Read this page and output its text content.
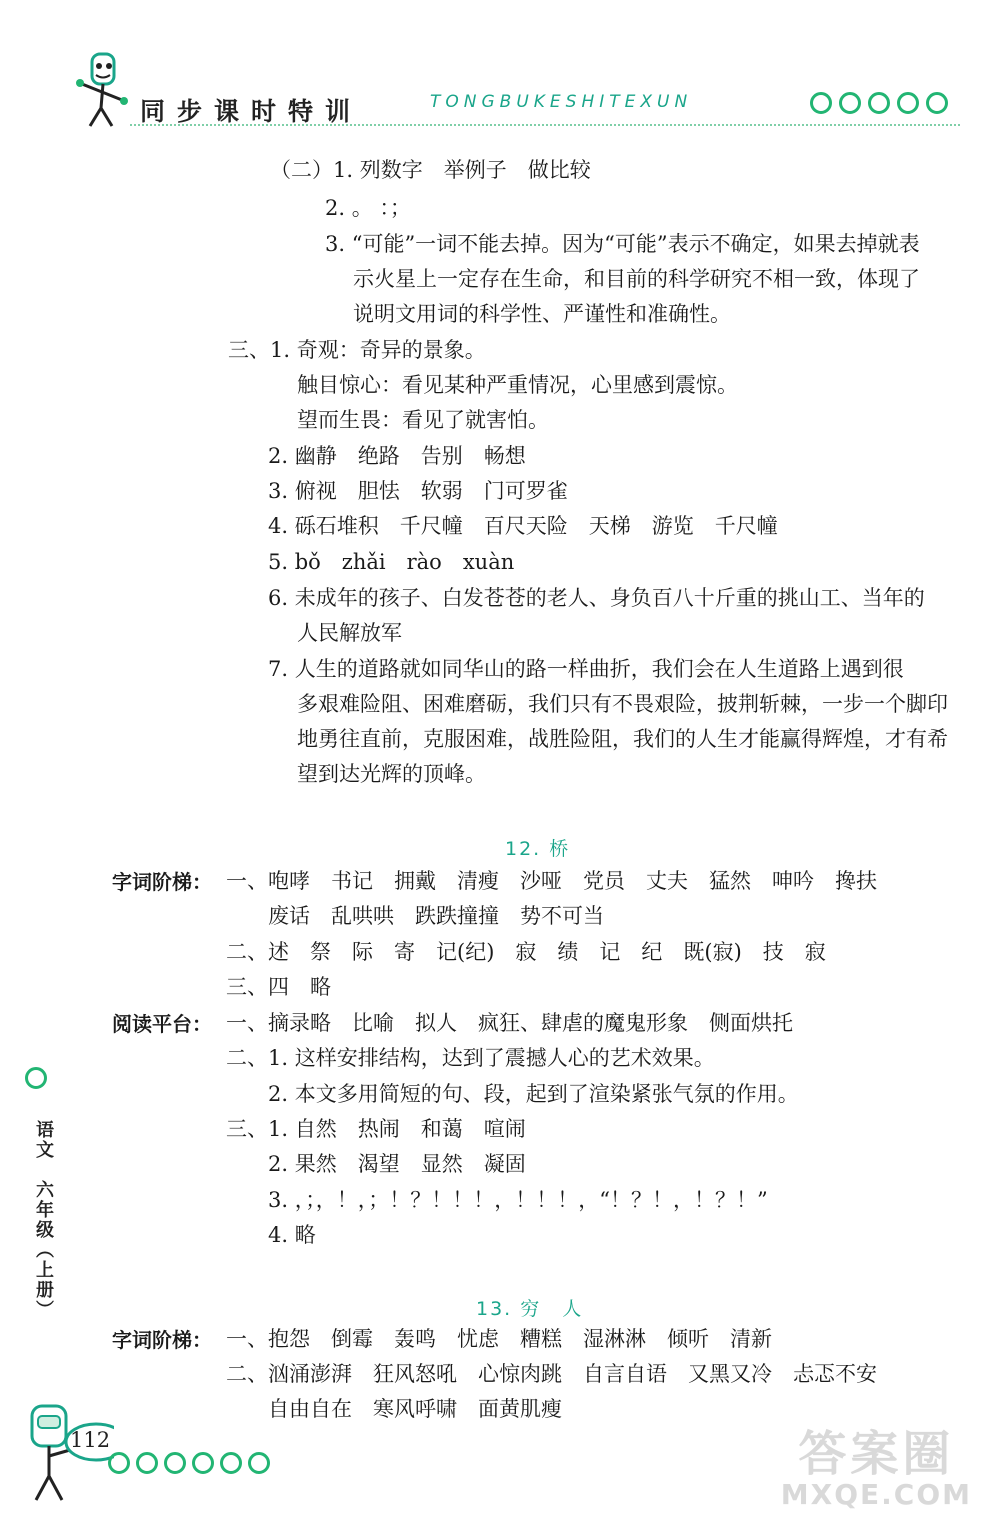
同步课时特训	TONGBUKESHITEXUN
（二）1. 列数字　举例子　做比较
2. 。 ：；
3. “可能”一词不能去掉。因为“可能”表示不确定，如果去掉就表
示火星上一定存在生命，和目前的科学研究不相一致，体现了
说明文用词的科学性、严谨性和准确性。
三、1. 奇观：奇异的景象。
触目惊心：看见某种严重情况，心里感到震惊。
望而生畏：看见了就害怕。
2. 幽静　绝路　告别　畅想
3. 俯视　胆怯　软弱　门可罗雀
4. 砾石堆积　千尺幢　百尺天险　天梯　游览　千尺幢
5. bǒ　zhǎi　rào　xuàn
6. 未成年的孩子、白发苍苍的老人、身负百八十斤重的挑山工、当年的
人民解放军
7. 人生的道路就如同华山的路一样曲折，我们会在人生道路上遇到很
多艰难险阻、困难磨砺，我们只有不畏艰险，披荆斩棘，一步一个脚印
地勇往直前，克服困难，战胜险阻，我们的人生才能赢得辉煌，才有希
望到达光辉的顶峰。
12. 桥
字词阶梯： 一、咆哮　书记　拥戴　清瘦　沙哑　党员　丈夫　猛然　呻吟　搀扶
废话　乱哄哄　跌跌撞撞　势不可当
二、述　祭　际　寄　记(纪)　寂　绩　记　纪　既(寂)　技　寂
三、四　略
阅读平台： 一、摘录略　比喻　拟人　疯狂、肆虐的魔鬼形象　侧面烘托
二、1. 这样安排结构，达到了震撼人心的艺术效果。
2. 本文多用简短的句、段，起到了渲染紧张气氛的作用。
三、1. 自然　热闹　和蔼　喧闹
2. 果然　渴望　显然　凝固
3. ，；，！，；！？！！！，！！！，“！？！，！？！”
4. 略
13. 穷　人
字词阶梯： 一、抱怨　倒霉　轰鸣　忧虑　糟糕　湿淋淋　倾听　清新
二、汹涌澎湃　狂风怒吼　心惊肉跳　自言自语　又黑又冷　忐忑不安
自由自在　寒风呼啸　面黄肌瘦
语文　六年级（上册）
112	答案圈
MXQE.COM
